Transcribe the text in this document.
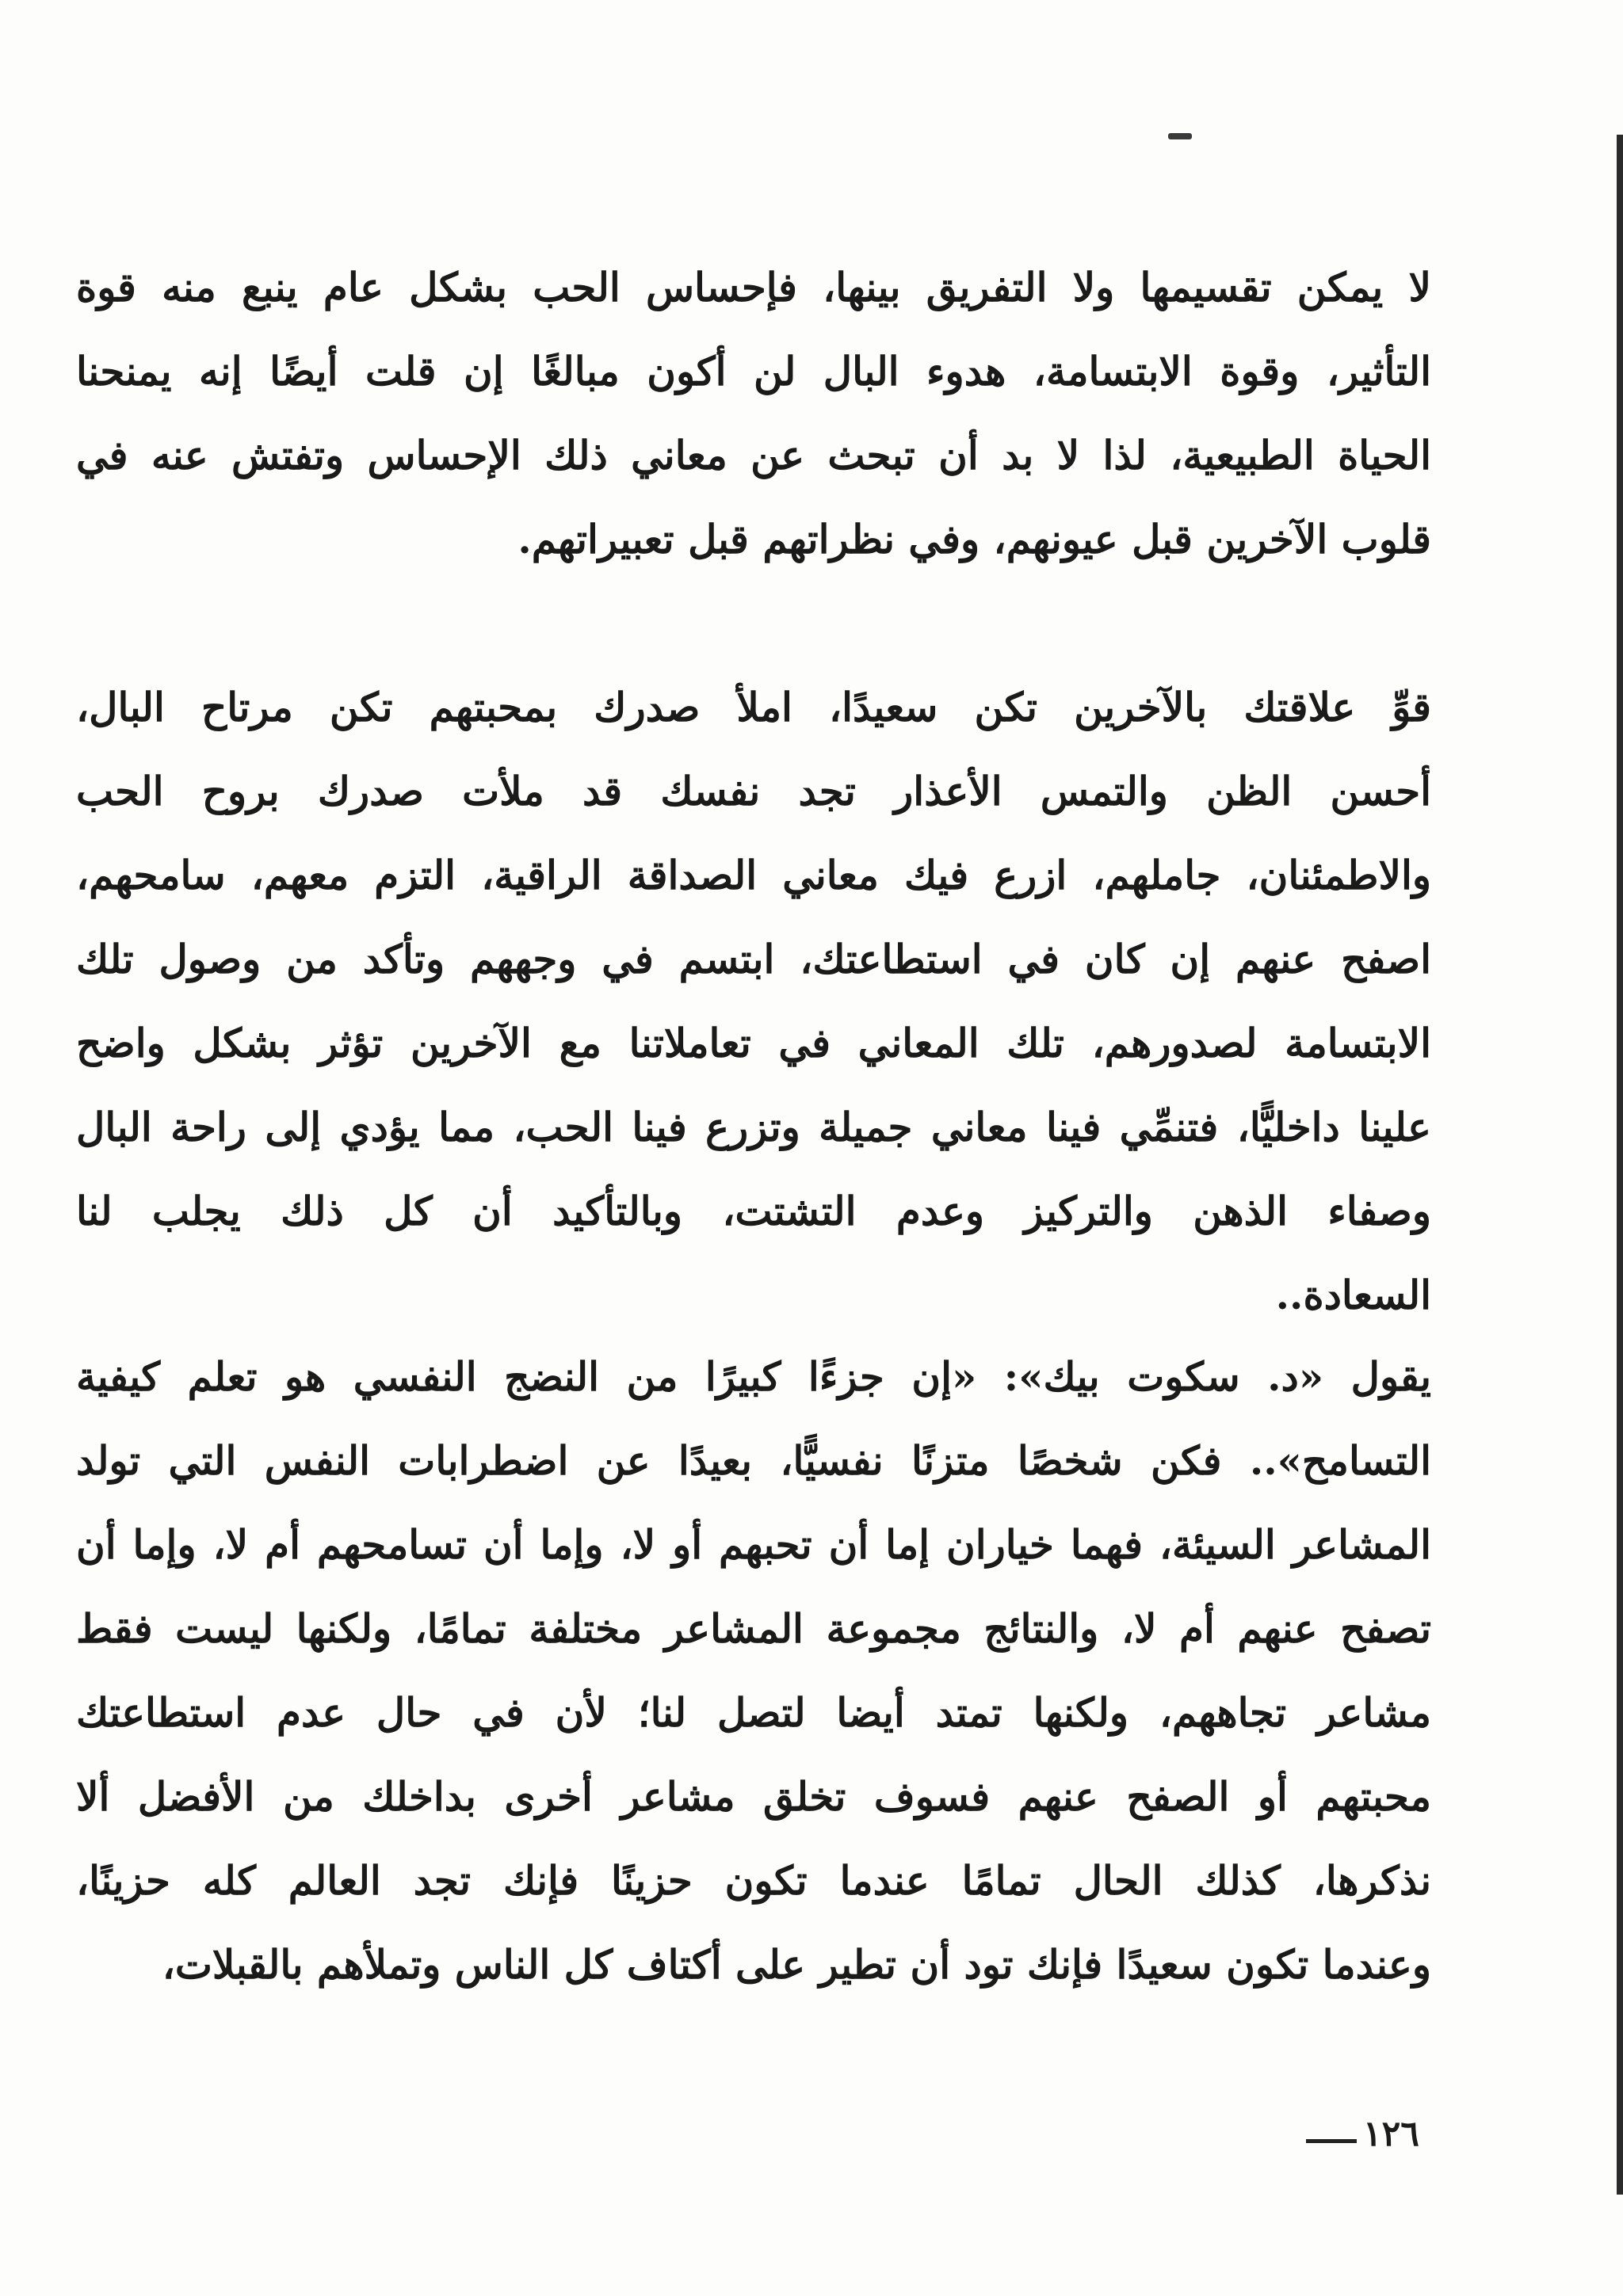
لا يمكن تقسيمها ولا التفريق بينها، فإحساس الحب بشكل عام ينبع منه قوة
التأثير، وقوة الابتسامة، هدوء البال لن أكون مبالغًا إن قلت أيضًا إنه يمنحنا
الحياة الطبيعية، لذا لا بد أن تبحث عن معاني ذلك الإحساس وتفتش عنه في
قلوب الآخرين قبل عيونهم، وفي نظراتهم قبل تعبيراتهم.
قوِّ علاقتك بالآخرين تكن سعيدًا، املأ صدرك بمحبتهم تكن مرتاح البال،
أحسن الظن والتمس الأعذار تجد نفسك قد ملأت صدرك بروح الحب
والاطمئنان، جاملهم، ازرع فيك معاني الصداقة الراقية، التزم معهم، سامحهم،
اصفح عنهم إن كان في استطاعتك، ابتسم في وجههم وتأكد من وصول تلك
الابتسامة لصدورهم، تلك المعاني في تعاملاتنا مع الآخرين تؤثر بشكل واضح
علينا داخليًّا، فتنمِّي فينا معاني جميلة وتزرع فينا الحب، مما يؤدي إلى راحة البال
وصفاء الذهن والتركيز وعدم التشتت، وبالتأكيد أن كل ذلك يجلب لنا
السعادة..
يقول «د. سكوت بيك»: «إن جزءًا كبيرًا من النضج النفسي هو تعلم كيفية
التسامح».. فكن شخصًا متزنًا نفسيًّا، بعيدًا عن اضطرابات النفس التي تولد
المشاعر السيئة، فهما خياران إما أن تحبهم أو لا، وإما أن تسامحهم أم لا، وإما أن
تصفح عنهم أم لا، والنتائج مجموعة المشاعر مختلفة تمامًا، ولكنها ليست فقط
مشاعر تجاههم، ولكنها تمتد أيضا لتصل لنا؛ لأن في حال عدم استطاعتك
محبتهم أو الصفح عنهم فسوف تخلق مشاعر أخرى بداخلك من الأفضل ألا
نذكرها، كذلك الحال تمامًا عندما تكون حزينًا فإنك تجد العالم كله حزينًا،
وعندما تكون سعيدًا فإنك تود أن تطير على أكتاف كل الناس وتملأهم بالقبلات،
١٢٦
